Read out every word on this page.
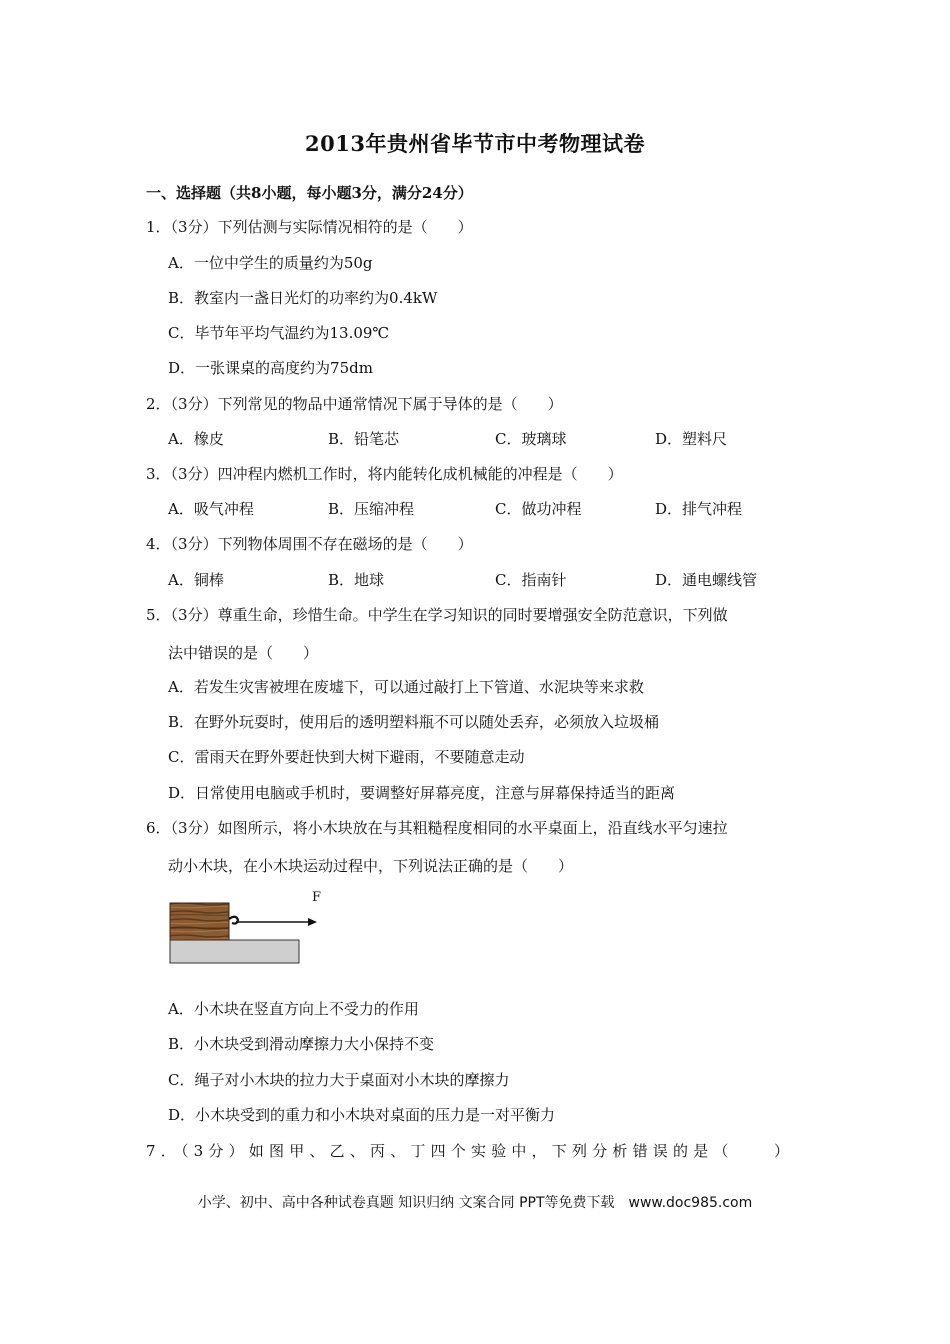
2013年贵州省毕节市中考物理试卷
一、选择题（共8小题，每小题3分，满分24分）
1．（3分）下列估测与实际情况相符的是（　　）
A．一位中学生的质量约为50g
B．教室内一盏日光灯的功率约为0.4kW
C．毕节年平均气温约为13.09℃
D．一张课桌的高度约为75dm
2．（3分）下列常见的物品中通常情况下属于导体的是（　　）
A．橡皮	B．铅笔芯	C．玻璃球	D．塑料尺
3．（3分）四冲程内燃机工作时，将内能转化成机械能的冲程是（　　）
A．吸气冲程	B．压缩冲程	C．做功冲程	D．排气冲程
4．（3分）下列物体周围不存在磁场的是（　　）
A．铜棒	B．地球	C．指南针	D．通电螺线管
5．（3分）尊重生命，珍惜生命。中学生在学习知识的同时要增强安全防范意识，下列做
法中错误的是（　　）
A．若发生灾害被埋在废墟下，可以通过敲打上下管道、水泥块等来求救
B．在野外玩耍时，使用后的透明塑料瓶不可以随处丢弃，必须放入垃圾桶
C．雷雨天在野外要赶快到大树下避雨，不要随意走动
D．日常使用电脑或手机时，要调整好屏幕亮度，注意与屏幕保持适当的距离
6．（3分）如图所示，将小木块放在与其粗糙程度相同的水平桌面上，沿直线水平匀速拉
动小木块，在小木块运动过程中，下列说法正确的是（　　）
F
A．小木块在竖直方向上不受力的作用
B．小木块受到滑动摩擦力大小保持不变
C．绳子对小木块的拉力大于桌面对小木块的摩擦力
D．小木块受到的重力和小木块对桌面的压力是一对平衡力
7．（3分）如图甲、乙、丙、丁四个实验中，下列分析错误的是（　　）
小学、初中、高中各种试卷真题 知识归纳 文案合同 PPT等免费下载　www.doc985.com
